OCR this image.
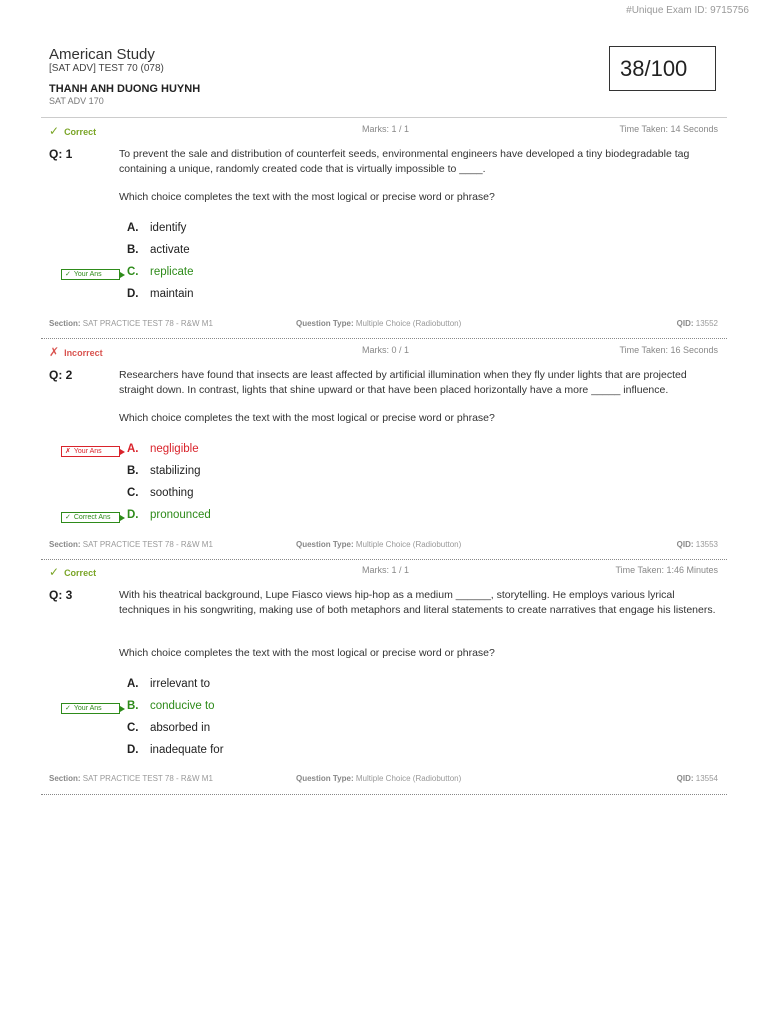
#Unique Exam ID: 9715756
American Study
[SAT ADV] TEST 70 (078)
THANH ANH DUONG HUYNH
SAT ADV 170
38/100
✓ Correct	Marks: 1 / 1	Time Taken: 14 Seconds
Q: 1	To prevent the sale and distribution of counterfeit seeds, environmental engineers have developed a tiny biodegradable tag containing a unique, randomly created code that is virtually impossible to ____.
Which choice completes the text with the most logical or precise word or phrase?
A. identify
B. activate
✓ Your Ans	C. replicate
D. maintain
Section: SAT PRACTICE TEST 78 - R&W M1	Question Type: Multiple Choice (Radiobutton)	QID: 13552
✗ Incorrect	Marks: 0 / 1	Time Taken: 16 Seconds
Q: 2	Researchers have found that insects are least affected by artificial illumination when they fly under lights that are projected straight down. In contrast, lights that shine upward or that have been placed horizontally have a more _____ influence.
Which choice completes the text with the most logical or precise word or phrase?
✗ Your Ans	A. negligible
B. stabilizing
C. soothing
✓ Correct Ans	D. pronounced
Section: SAT PRACTICE TEST 78 - R&W M1	Question Type: Multiple Choice (Radiobutton)	QID: 13553
✓ Correct	Marks: 1 / 1	Time Taken: 1:46 Minutes
Q: 3	With his theatrical background, Lupe Fiasco views hip-hop as a medium ______, storytelling. He employs various lyrical techniques in his songwriting, making use of both metaphors and literal statements to create narratives that engage his listeners.
Which choice completes the text with the most logical or precise word or phrase?
A. irrelevant to
✓ Your Ans	B. conducive to
C. absorbed in
D. inadequate for
Section: SAT PRACTICE TEST 78 - R&W M1	Question Type: Multiple Choice (Radiobutton)	QID: 13554
